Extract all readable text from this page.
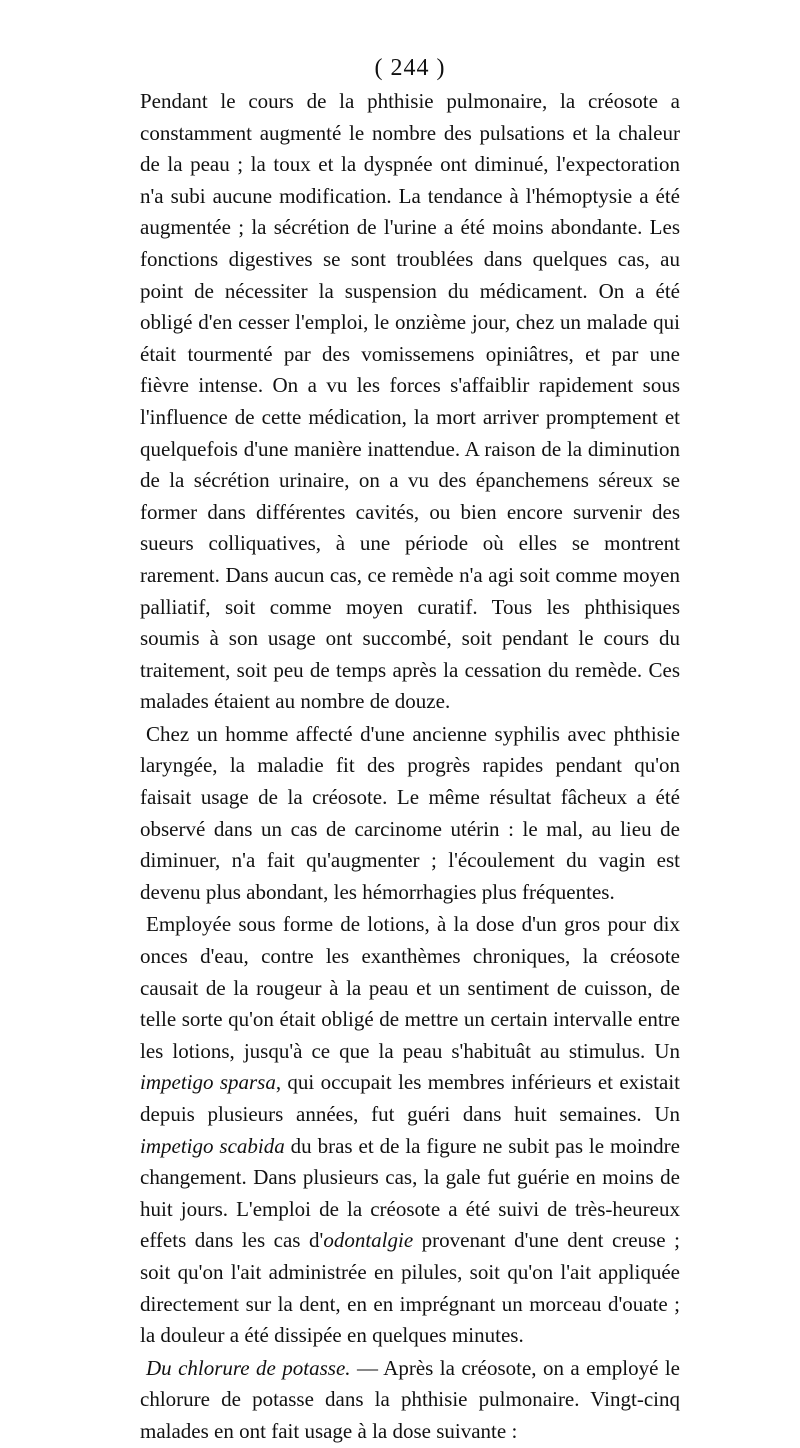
( 244 )

Pendant le cours de la phthisie pulmonaire, la créosote a constamment augmenté le nombre des pulsations et la chaleur de la peau ; la toux et la dyspnée ont diminué, l'expectoration n'a subi aucune modification. La tendance à l'hémoptysie a été augmentée ; la sécrétion de l'urine a été moins abondante. Les fonctions digestives se sont troublées dans quelques cas, au point de nécessiter la suspension du médicament. On a été obligé d'en cesser l'emploi, le onzième jour, chez un malade qui était tourmenté par des vomissemens opiniâtres, et par une fièvre intense. On a vu les forces s'affaiblir rapidement sous l'influence de cette médication, la mort arriver promptement et quelquefois d'une manière inattendue. A raison de la diminution de la sécrétion urinaire, on a vu des épanchemens séreux se former dans différentes cavités, ou bien encore survenir des sueurs colliquatives, à une période où elles se montrent rarement. Dans aucun cas, ce remède n'a agi soit comme moyen palliatif, soit comme moyen curatif. Tous les phthisiques soumis à son usage ont succombé, soit pendant le cours du traitement, soit peu de temps après la cessation du remède. Ces malades étaient au nombre de douze.

Chez un homme affecté d'une ancienne syphilis avec phthisie laryngée, la maladie fit des progrès rapides pendant qu'on faisait usage de la créosote. Le même résultat fâcheux a été observé dans un cas de carcinome utérin : le mal, au lieu de diminuer, n'a fait qu'augmenter ; l'écoulement du vagin est devenu plus abondant, les hémorrhagies plus fréquentes.

Employée sous forme de lotions, à la dose d'un gros pour dix onces d'eau, contre les exanthèmes chroniques, la créosote causait de la rougeur à la peau et un sentiment de cuisson, de telle sorte qu'on était obligé de mettre un certain intervalle entre les lotions, jusqu'à ce que la peau s'habituât au stimulus. Un impetigo sparsa, qui occupait les membres inférieurs et existait depuis plusieurs années, fut guéri dans huit semaines. Un impetigo scabida du bras et de la figure ne subit pas le moindre changement. Dans plusieurs cas, la gale fut guérie en moins de huit jours. L'emploi de la créosote a été suivi de très-heureux effets dans les cas d'odontalgie provenant d'une dent creuse ; soit qu'on l'ait administrée en pilules, soit qu'on l'ait appliquée directement sur la dent, en en imprégnant un morceau d'ouate ; la douleur a été dissipée en quelques minutes.

Du chlorure de potasse. — Après la créosote, on a employé le chlorure de potasse dans la phthisie pulmonaire. Vingt-cinq malades en ont fait usage à la dose suivante :
